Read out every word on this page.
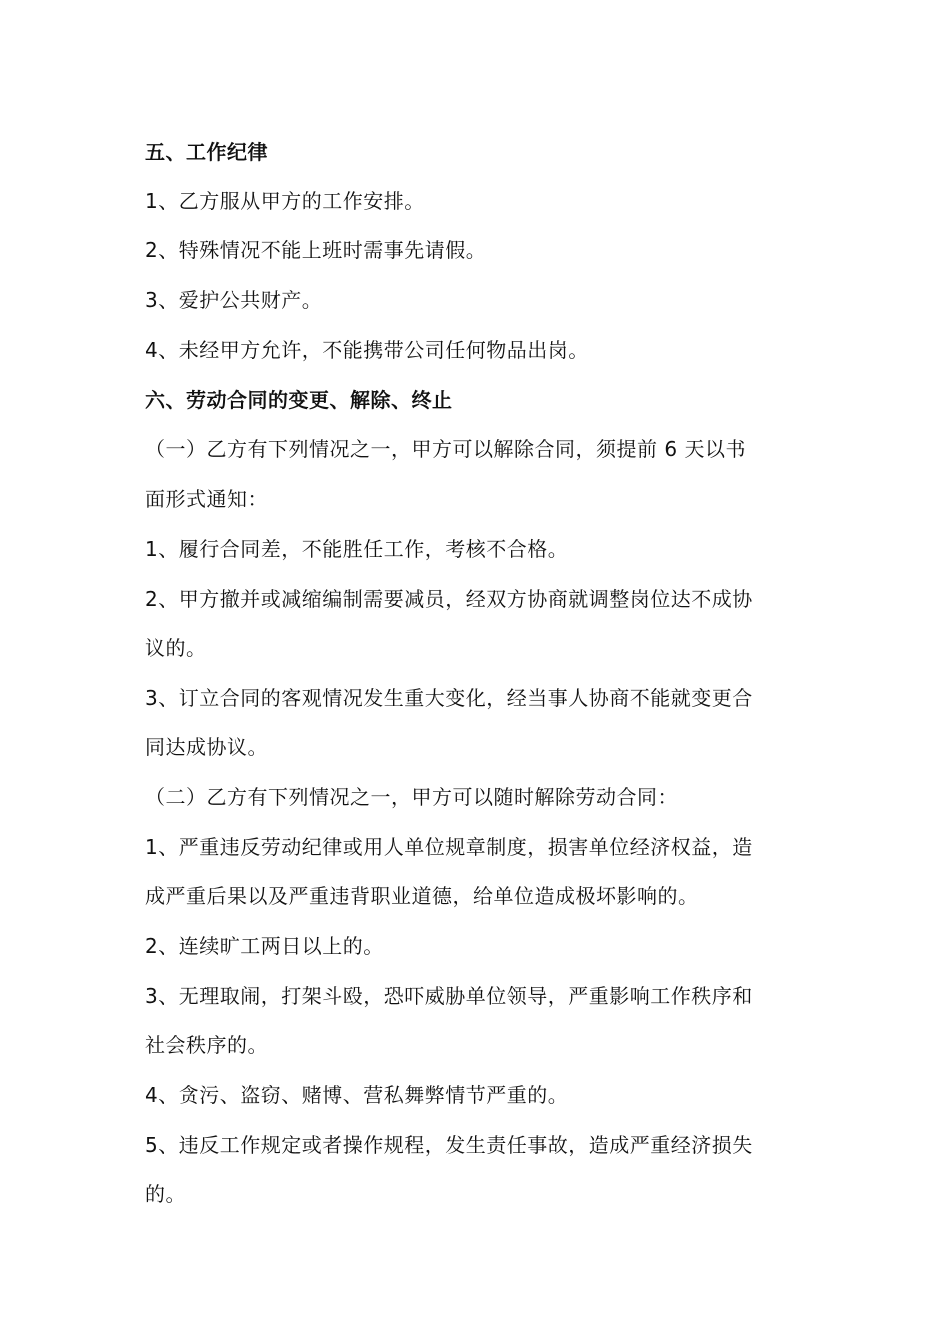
五、工作纪律
1、乙方服从甲方的工作安排。
2、特殊情况不能上班时需事先请假。
3、爱护公共财产。
4、未经甲方允许，不能携带公司任何物品出岗。
六、劳动合同的变更、解除、终止
（一）乙方有下列情况之一，甲方可以解除合同，须提前 6 天以书
面形式通知：
1、履行合同差，不能胜任工作，考核不合格。
2、甲方撤并或减缩编制需要减员，经双方协商就调整岗位达不成协
议的。
3、订立合同的客观情况发生重大变化，经当事人协商不能就变更合
同达成协议。
（二）乙方有下列情况之一，甲方可以随时解除劳动合同：
1、严重违反劳动纪律或用人单位规章制度，损害单位经济权益，造
成严重后果以及严重违背职业道德，给单位造成极坏影响的。
2、连续旷工两日以上的。
3、无理取闹，打架斗殴，恐吓威胁单位领导，严重影响工作秩序和
社会秩序的。
4、贪污、盗窃、赌博、营私舞弊情节严重的。
5、违反工作规定或者操作规程，发生责任事故，造成严重经济损失
的。
